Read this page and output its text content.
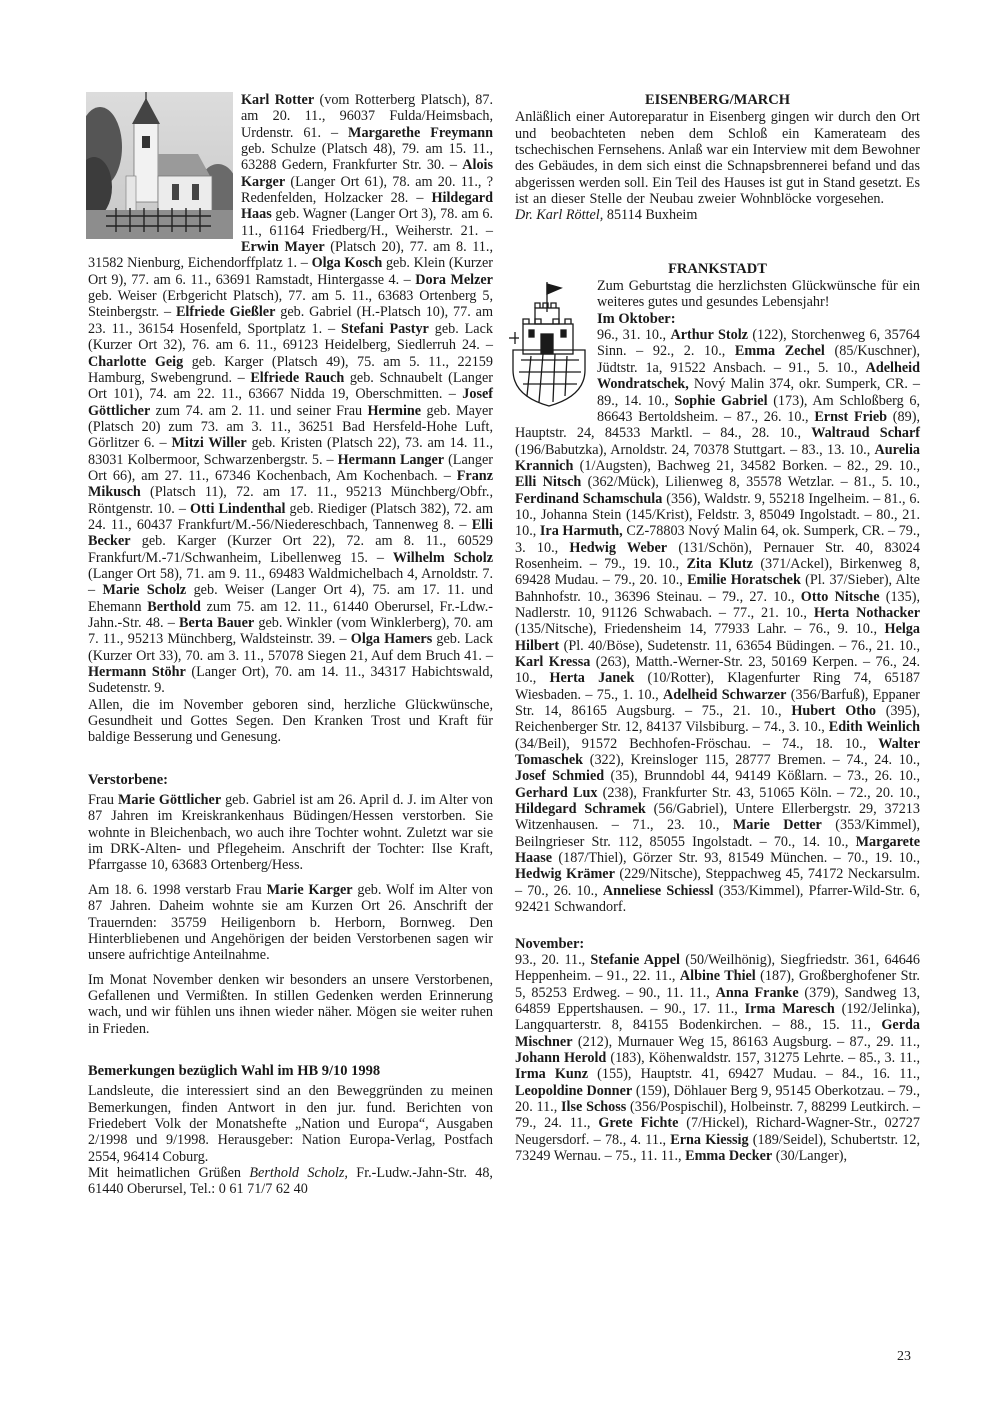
Karl Rotter (vom Rotterberg Platsch), 87. am 20. 11., 96037 Fulda/Heimsbach, Urdenstr. 61. – Margarethe Freymann geb. Schulze (Platsch 48), 79. am 15. 11., 63288 Gedern, Frankfurter Str. 30. – Alois Karger (Langer Ort 61), 78. am 20. 11., ? Redenfelden, Holzacker 28. – Hildegard Haas geb. Wagner (Langer Ort 3), 78. am 6. 11., 61164 Friedberg/H., Weiherstr. 21. – Erwin Mayer (Platsch 20), 77. am 8. 11., 31582 Nienburg, Eichendorffplatz 1. – Olga Kosch geb. Klein (Kurzer Ort 9), 77. am 6. 11., 63691 Ramstadt, Hintergasse 4. – Dora Melzer geb. Weiser (Erbgericht Platsch), 77. am 5. 11., 63683 Ortenberg 5, Steinbergstr. – Elfriede Gießler geb. Gabriel (H.-Platsch 10), 77. am 23. 11., 36154 Hosenfeld, Sportplatz 1. – Stefani Pastyr geb. Lack (Kurzer Ort 32), 76. am 6. 11., 69123 Heidelberg, Siedlerruh 24. – Charlotte Geig geb. Karger (Platsch 49), 75. am 5. 11., 22159 Hamburg, Swebengrund. – Elfriede Rauch geb. Schnaubelt (Langer Ort 101), 74. am 22. 11., 63667 Nidda 19, Oberschmitten. – Josef Göttlicher zum 74. am 2. 11. und seiner Frau Hermine geb. Mayer (Platsch 20) zum 73. am 3. 11., 36251 Bad Hersfeld-Hohe Luft, Görlitzer 6. – Mitzi Willer geb. Kristen (Platsch 22), 73. am 14. 11., 83031 Kolbermoor, Schwarzenbergstr. 5. – Hermann Langer (Langer Ort 66), am 27. 11., 67346 Kochenbach, Am Kochenbach. – Franz Mikusch (Platsch 11), 72. am 17. 11., 95213 Münchberg/Obfr., Röntgenstr. 10. – Otti Lindenthal geb. Riediger (Platsch 382), 72. am 24. 11., 60437 Frankfurt/M.-56/Niedereschbach, Tannenweg 8. – Elli Becker geb. Karger (Kurzer Ort 22), 72. am 8. 11., 60529 Frankfurt/M.-71/Schwanheim, Libellenweg 15. – Wilhelm Scholz (Langer Ort 58), 71. am 9. 11., 69483 Waldmichelbach 4, Arnoldstr. 7. – Marie Scholz geb. Weiser (Langer Ort 4), 75. am 17. 11. und Ehemann Berthold zum 75. am 12. 11., 61440 Oberursel, Fr.-Ldw.-Jahn.-Str. 48. – Berta Bauer geb. Winkler (vom Winklerberg), 70. am 7. 11., 95213 Münchberg, Waldsteinstr. 39. – Olga Hamers geb. Lack (Kurzer Ort 33), 70. am 3. 11., 57078 Siegen 21, Auf dem Bruch 41. – Hermann Stöhr (Langer Ort), 70. am 14. 11., 34317 Habichtswald, Sudetenstr. 9.

Allen, die im November geboren sind, herzliche Glückwünsche, Gesundheit und Gottes Segen. Den Kranken Trost und Kraft für baldige Besserung und Genesung.

Verstorbene:

Frau Marie Göttlicher geb. Gabriel ist am 26. April d. J. im Alter von 87 Jahren im Kreiskrankenhaus Büdingen/Hessen verstorben. Sie wohnte in Bleichenbach, wo auch ihre Tochter wohnt. Zuletzt war sie im DRK-Alten- und Pflegeheim. Anschrift der Tochter: Ilse Kraft, Pfarrgasse 10, 63683 Ortenberg/Hess.

Am 18. 6. 1998 verstarb Frau Marie Karger geb. Wolf im Alter von 87 Jahren. Daheim wohnte sie am Kurzen Ort 26. Anschrift der Trauernden: 35759 Heiligenborn b. Herborn, Bornweg. Den Hinterbliebenen und Angehörigen der beiden Verstorbenen sagen wir unsere aufrichtige Anteilnahme.

Im Monat November denken wir besonders an unsere Verstorbenen, Gefallenen und Vermißten. In stillen Gedenken werden Erinnerung wach, und wir fühlen uns ihnen wieder näher. Mögen sie weiter ruhen in Frieden.

Bemerkungen bezüglich Wahl im HB 9/10 1998

Landsleute, die interessiert sind an den Beweggründen zu meinen Bemerkungen, finden Antwort in den jur. fund. Berichten von Friedebert Volk der Monatshefte „Nation und Europa“, Ausgaben 2/1998 und 9/1998. Herausgeber: Nation Europa-Verlag, Postfach 2554, 96414 Coburg.

Mit heimatlichen Grüßen Berthold Scholz, Fr.-Ludw.-Jahn-Str. 48, 61440 Oberursel, Tel.: 0 61 71/7 62 40

EISENBERG/MARCH

Anläßlich einer Autoreparatur in Eisenberg gingen wir durch den Ort und beobachteten neben dem Schloß ein Kamerateam des tschechischen Fernsehens. Anlaß war ein Interview mit dem Bewohner des Gebäudes, in dem sich einst die Schnapsbrennerei befand und das abgerissen werden soll. Ein Teil des Hauses ist gut in Stand gesetzt. Es ist an dieser Stelle der Neubau zweier Wohnblöcke vorgesehen.         Dr. Karl Röttel, 85114 Buxheim

FRANKSTADT

Zum Geburtstag die herzlichsten Glückwünsche für ein weiteres gutes und gesundes Lebensjahr!

Im Oktober:

96., 31. 10., Arthur Stolz (122), Storchenweg 6, 35764 Sinn. – 92., 2. 10., Emma Zechel (85/Kuschner), Jüdtstr. 1a, 91522 Ansbach. – 91., 5. 10., Adelheid Wondratschek, Nový Malin 374, okr. Sumperk, CR. – 89., 14. 10., Sophie Gabriel (173), Am Schloßberg 6, 86643 Bertoldsheim. – 87., 26. 10., Ernst Frieb (89), Hauptstr. 24, 84533 Marktl. – 84., 28. 10., Waltraud Scharf (196/Babutzka), Arnoldstr. 24, 70378 Stuttgart. – 83., 13. 10., Aurelia Krannich (1/Augsten), Bachweg 21, 34582 Borken. – 82., 29. 10., Elli Nitsch (362/Mück), Lilienweg 8, 35578 Wetzlar. – 81., 5. 10., Ferdinand Schamschula (356), Waldstr. 9, 55218 Ingelheim. – 81., 6. 10., Johanna Stein (145/Krist), Feldstr. 3, 85049 Ingolstadt. – 80., 21. 10., Ira Harmuth, CZ-78803 Nový Malin 64, ok. Sumperk, CR. – 79., 3. 10., Hedwig Weber (131/Schön), Pernauer Str. 40, 83024 Rosenheim. – 79., 19. 10., Zita Klutz (371/Ackel), Birkenweg 8, 69428 Mudau. – 79., 20. 10., Emilie Horatschek (Pl. 37/Sieber), Alte Bahnhofstr. 10., 36396 Steinau. – 79., 27. 10., Otto Nitsche (135), Nadlerstr. 10, 91126 Schwabach. – 77., 21. 10., Herta Nothacker (135/Nitsche), Friedensheim 14, 77933 Lahr. – 76., 9. 10., Helga Hilbert (Pl. 40/Böse), Sudetenstr. 11, 63654 Büdingen. – 76., 21. 10., Karl Kressa (263), Matth.-Werner-Str. 23, 50169 Kerpen. – 76., 24. 10., Herta Janek (10/Rotter), Klagenfurter Ring 74, 65187 Wiesbaden. – 75., 1. 10., Adelheid Schwarzer (356/Barfuß), Eppaner Str. 14, 86165 Augsburg. – 75., 21. 10., Hubert Otho (395), Reichenberger Str. 12, 84137 Vilsbiburg. – 74., 3. 10., Edith Weinlich (34/Beil), 91572 Bechhofen-Fröschau. – 74., 18. 10., Walter Tomaschek (322), Kreinsloger 115, 28777 Bremen. – 74., 24. 10., Josef Schmied (35), Brunndobl 44, 94149 Kößlarn. – 73., 26. 10., Gerhard Lux (238), Frankfurter Str. 43, 51065 Köln. – 72., 20. 10., Hildegard Schramek (56/Gabriel), Untere Ellerbergstr. 29, 37213 Witzenhausen. – 71., 23. 10., Marie Detter (353/Kimmel), Beilngrieser Str. 112, 85055 Ingolstadt. – 70., 14. 10., Margarete Haase (187/Thiel), Görzer Str. 93, 81549 München. – 70., 19. 10., Hedwig Krämer (229/Nitsche), Steppachweg 45, 74172 Neckarsulm. – 70., 26. 10., Anneliese Schiessl (353/Kimmel), Pfarrer-Wild-Str. 6, 92421 Schwandorf.

November:

93., 20. 11., Stefanie Appel (50/Weilhönig), Siegfriedstr. 361, 64646 Heppenheim. – 91., 22. 11., Albine Thiel (187), Großberghofener Str. 5, 85253 Erdweg. – 90., 11. 11., Anna Franke (379), Sandweg 13, 64859 Eppertshausen. – 90., 17. 11., Irma Maresch (192/Jelinka), Langquarterstr. 8, 84155 Bodenkirchen. – 88., 15. 11., Gerda Mischner (212), Murnauer Weg 15, 86163 Augsburg. – 87., 29. 11., Johann Herold (183), Köhenwaldstr. 157, 31275 Lehrte. – 85., 3. 11., Irma Kunz (155), Hauptstr. 41, 69427 Mudau. – 84., 16. 11., Leopoldine Donner (159), Döhlauer Berg 9, 95145 Oberkotzau. – 79., 20. 11., Ilse Schoss (356/Pospischil), Holbeinstr. 7, 88299 Leutkirch. – 79., 24. 11., Grete Fichte (7/Hickel), Richard-Wagner-Str., 02727 Neugersdorf. – 78., 4. 11., Erna Kiessig (189/Seidel), Schubertstr. 12, 73249 Wernau. – 75., 11. 11., Emma Decker (30/Langer),

23
